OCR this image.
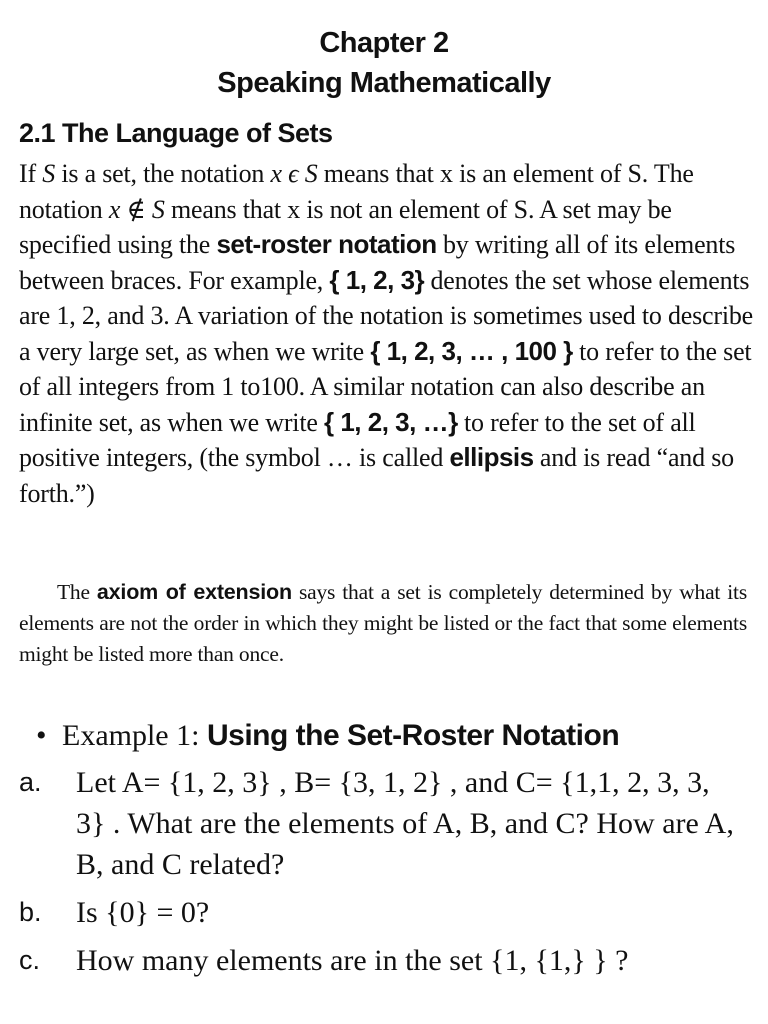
Chapter 2
Speaking Mathematically
2.1 The Language of Sets
If S is a set, the notation x ϵ S means that x is an element of S. The notation x ∉ S means that x is not an element of S. A set may be specified using the set-roster notation by writing all of its elements between braces. For example, { 1, 2, 3} denotes the set whose elements are 1, 2, and 3. A variation of the notation is sometimes used to describe a very large set, as when we write { 1, 2, 3, … , 100 } to refer to the set of all integers from 1 to100. A similar notation can also describe an infinite set, as when we write { 1, 2, 3, …} to refer to the set of all positive integers, (the symbol … is called ellipsis and is read “and so forth.”)
The axiom of extension says that a set is completely determined by what its elements are not the order in which they might be listed or the fact that some elements might be listed more than once.
• Example 1: Using the Set-Roster Notation
a.	Let A= {1, 2, 3} , B= {3, 1, 2} , and C= {1,1, 2, 3, 3, 3} . What are the elements of A, B, and C? How are A, B, and C related?
b.	Is {0} = 0?
c.	How many elements are in the set {1, {1,} } ?
